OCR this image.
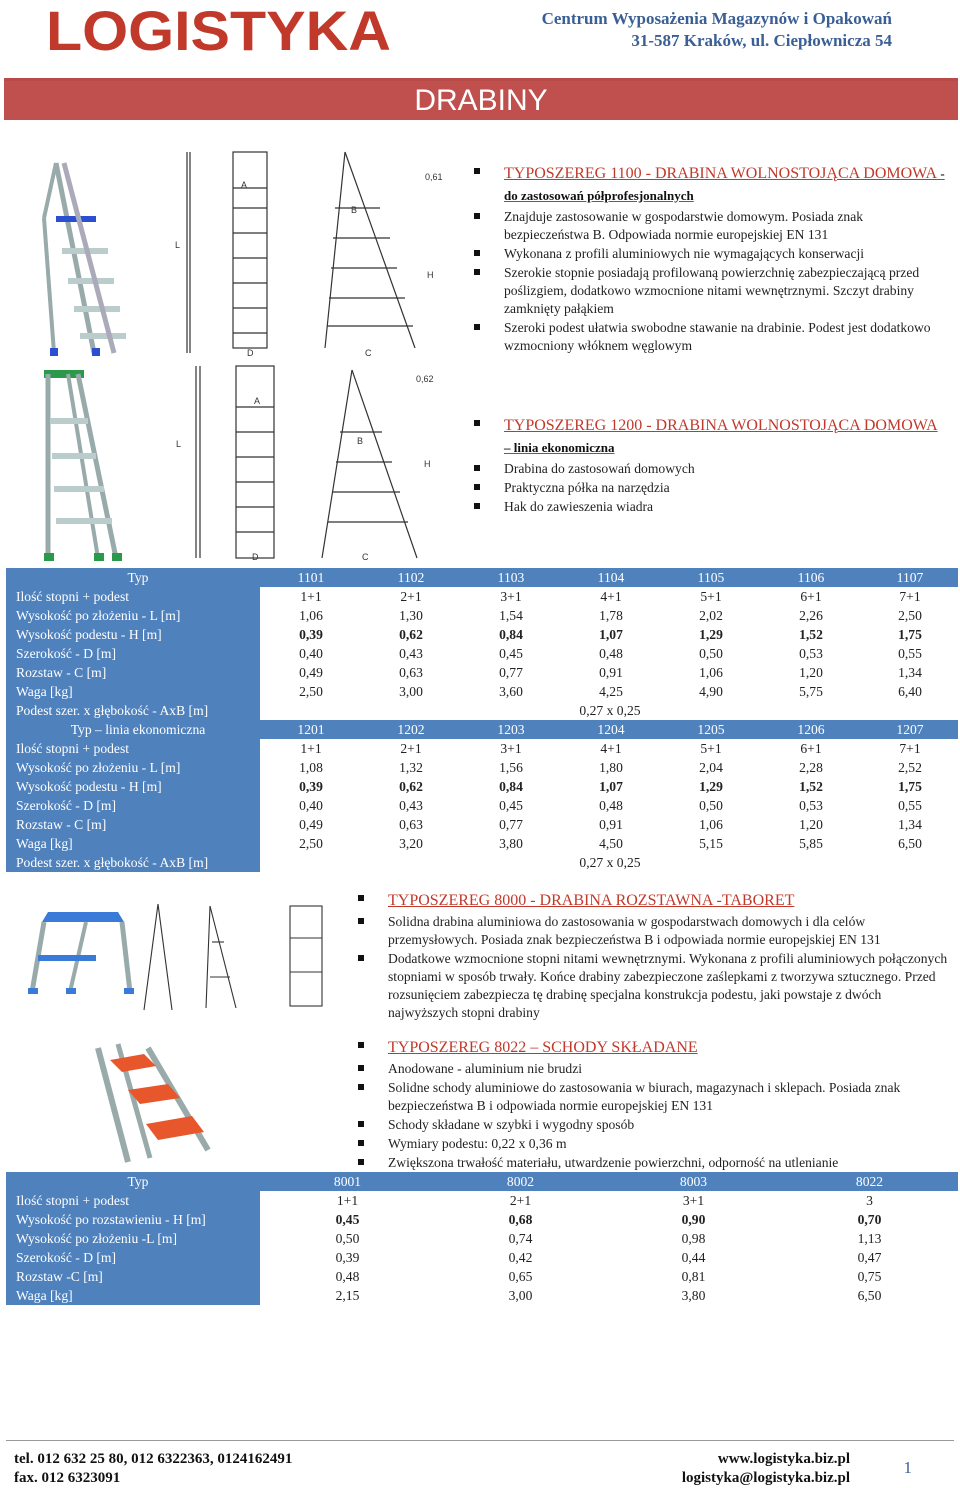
LOGISTYKA	Centrum Wyposażenia Magazynów i Opakowań
31-587 Kraków, ul. Ciepłownicza 54
DRABINY
A
B
L
H
D	C
0,61	TYPOSZEREG 1100 - DRABINA WOLNOSTOJĄCA DOMOWA - do zastosowań półprofesjonalnych
Znajduje zastosowanie w gospodarstwie domowym. Posiada znak bezpieczeństwa B. Odpowiada normie europejskiej EN 131
Wykonana z profili aluminiowych nie wymagających konserwacji
Szerokie stopnie posiadają profilowaną powierzchnię zabezpieczającą przed poślizgiem, dodatkowo wzmocnione nitami wewnętrznymi. Szczyt drabiny zamknięty pałąkiem
Szeroki podest ułatwia swobodne stawanie na drabinie. Podest jest dodatkowo wzmocniony włóknem węglowym
A
B
L
H
D	C
0,62
TYPOSZEREG 1200 - DRABINA WOLNOSTOJĄCA DOMOWA – linia ekonomiczna
Drabina do zastosowań domowych
Praktyczna półka na narzędzia
Hak do zawieszenia wiadra
Typ	1101	1102	1103	1104	1105	1106	1107
Ilość stopni + podest	1+1	2+1	3+1	4+1	5+1	6+1	7+1
Wysokość po złożeniu - L [m]	1,06	1,30	1,54	1,78	2,02	2,26	2,50
Wysokość podestu - H [m]	0,39	0,62	0,84	1,07	1,29	1,52	1,75
Szerokość - D [m]	0,40	0,43	0,45	0,48	0,50	0,53	0,55
Rozstaw - C [m]	0,49	0,63	0,77	0,91	1,06	1,20	1,34
Waga [kg]	2,50	3,00	3,60	4,25	4,90	5,75	6,40
Podest szer. x głębokość - AxB [m]	0,27 x 0,25						
Typ – linia ekonomiczna	1201	1202	1203	1204	1205	1206	1207
Ilość stopni + podest	1+1	2+1	3+1	4+1	5+1	6+1	7+1
Wysokość po złożeniu - L [m]	1,08	1,32	1,56	1,80	2,04	2,28	2,52
Wysokość podestu - H [m]	0,39	0,62	0,84	1,07	1,29	1,52	1,75
Szerokość - D [m]	0,40	0,43	0,45	0,48	0,50	0,53	0,55
Rozstaw - C [m]	0,49	0,63	0,77	0,91	1,06	1,20	1,34
Waga [kg]	2,50	3,20	3,80	4,50	5,15	5,85	6,50
Podest szer. x głębokość - AxB [m]	0,27 x 0,25						
TYPOSZEREG 8000 - DRABINA ROZSTAWNA -TABORET
Solidna drabina aluminiowa do zastosowania w gospodarstwach domowych i dla celów przemysłowych. Posiada znak bezpieczeństwa B i odpowiada normie europejskiej EN 131
Dodatkowe wzmocnione stopni nitami wewnętrznymi. Wykonana z profili aluminiowych połączonych stopniami w sposób trwały. Końce drabiny zabezpieczone zaślepkami z tworzywa sztucznego. Przed rozsunięciem zabezpiecza tę drabinę specjalna konstrukcja podestu, jaki powstaje z dwóch najwyższych stopni drabiny
TYPOSZEREG 8022 – SCHODY SKŁADANE
Anodowane - aluminium nie brudzi
Solidne schody aluminiowe do zastosowania w biurach, magazynach i sklepach. Posiada znak bezpieczeństwa B i odpowiada normie europejskiej EN 131
Schody składane w szybki i wygodny sposób
Wymiary podestu: 0,22 x 0,36 m
Zwiększona trwałość materiału, utwardzenie powierzchni, odporność na utlenianie
Typ	8001	8002	8003	8022
Ilość stopni + podest	1+1	2+1	3+1	3
Wysokość po rozstawieniu - H [m]	0,45	0,68	0,90	0,70
Wysokość po złożeniu -L [m]	0,50	0,74	0,98	1,13
Szerokość - D [m]	0,39	0,42	0,44	0,47
Rozstaw -C [m]	0,48	0,65	0,81	0,75
Waga [kg]	2,15	3,00	3,80	6,50
tel. 012 632 25 80, 012 6322363, 0124162491
fax. 012 6323091
www.logistyka.biz.pl
logistyka@logistyka.biz.pl
1
